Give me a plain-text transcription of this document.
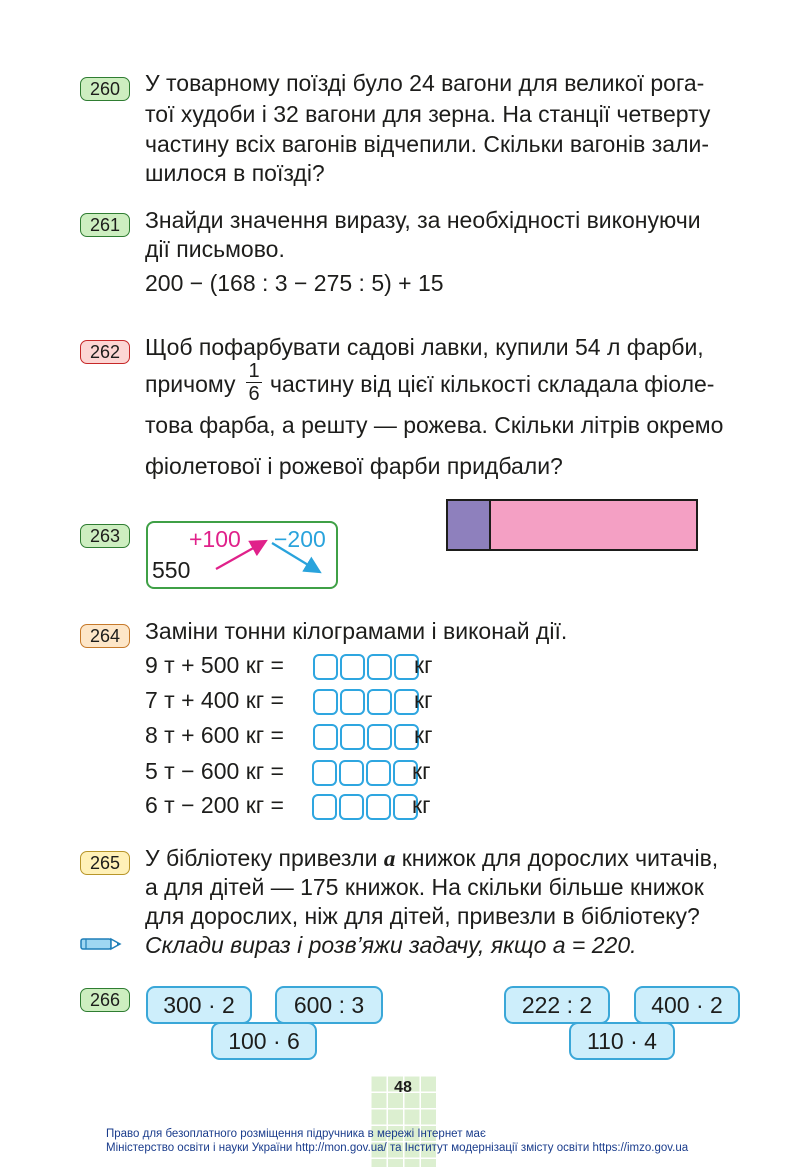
260	У товарному поїзді було 24 вагони для великої рога-
тої худоби і 32 вагони для зерна. На станції четверту
частину всіх вагонів відчепили. Скільки вагонів зали-
шилося в поїзді?
261	Знайди значення виразу, за необхідності виконуючи
дії письмово.
200 − (168 : 3 − 275 : 5) + 15
262	Щоб пофарбувати садові лавки, купили 54 л фарби,
причому 1
6 частину від цієї кількості складала фіоле-
това фарба, а решту — рожева. Скільки літрів окремо
фіолетової і рожевої фарби придбали?
263
550
+100 −200
264	Заміни тонни кілограмами і виконай дії.
9 т + 500 кг =	кг
7 т + 400 кг =	кг
8 т + 600 кг =	кг
5 т − 600 кг =	кг
6 т − 200 кг =	кг
265	У бібліотеку привезли a книжок для дорослих читачів,
а для дітей — 175 книжок. На скільки більше книжок
для дорослих, ніж для дітей, привезли в бібліотеку?
Склади вираз і розв’яжи задачу, якщо a = 220.
266	300 · 2	600 : 3
100 · 6
222 : 2	400 · 2
110 · 4
48
Право для безоплатного розміщення підручника в мережі Інтернет має
Міністерство освіти і науки України http://mon.gov.ua/ та Інститут модернізації змісту освіти https://imzo.gov.ua
